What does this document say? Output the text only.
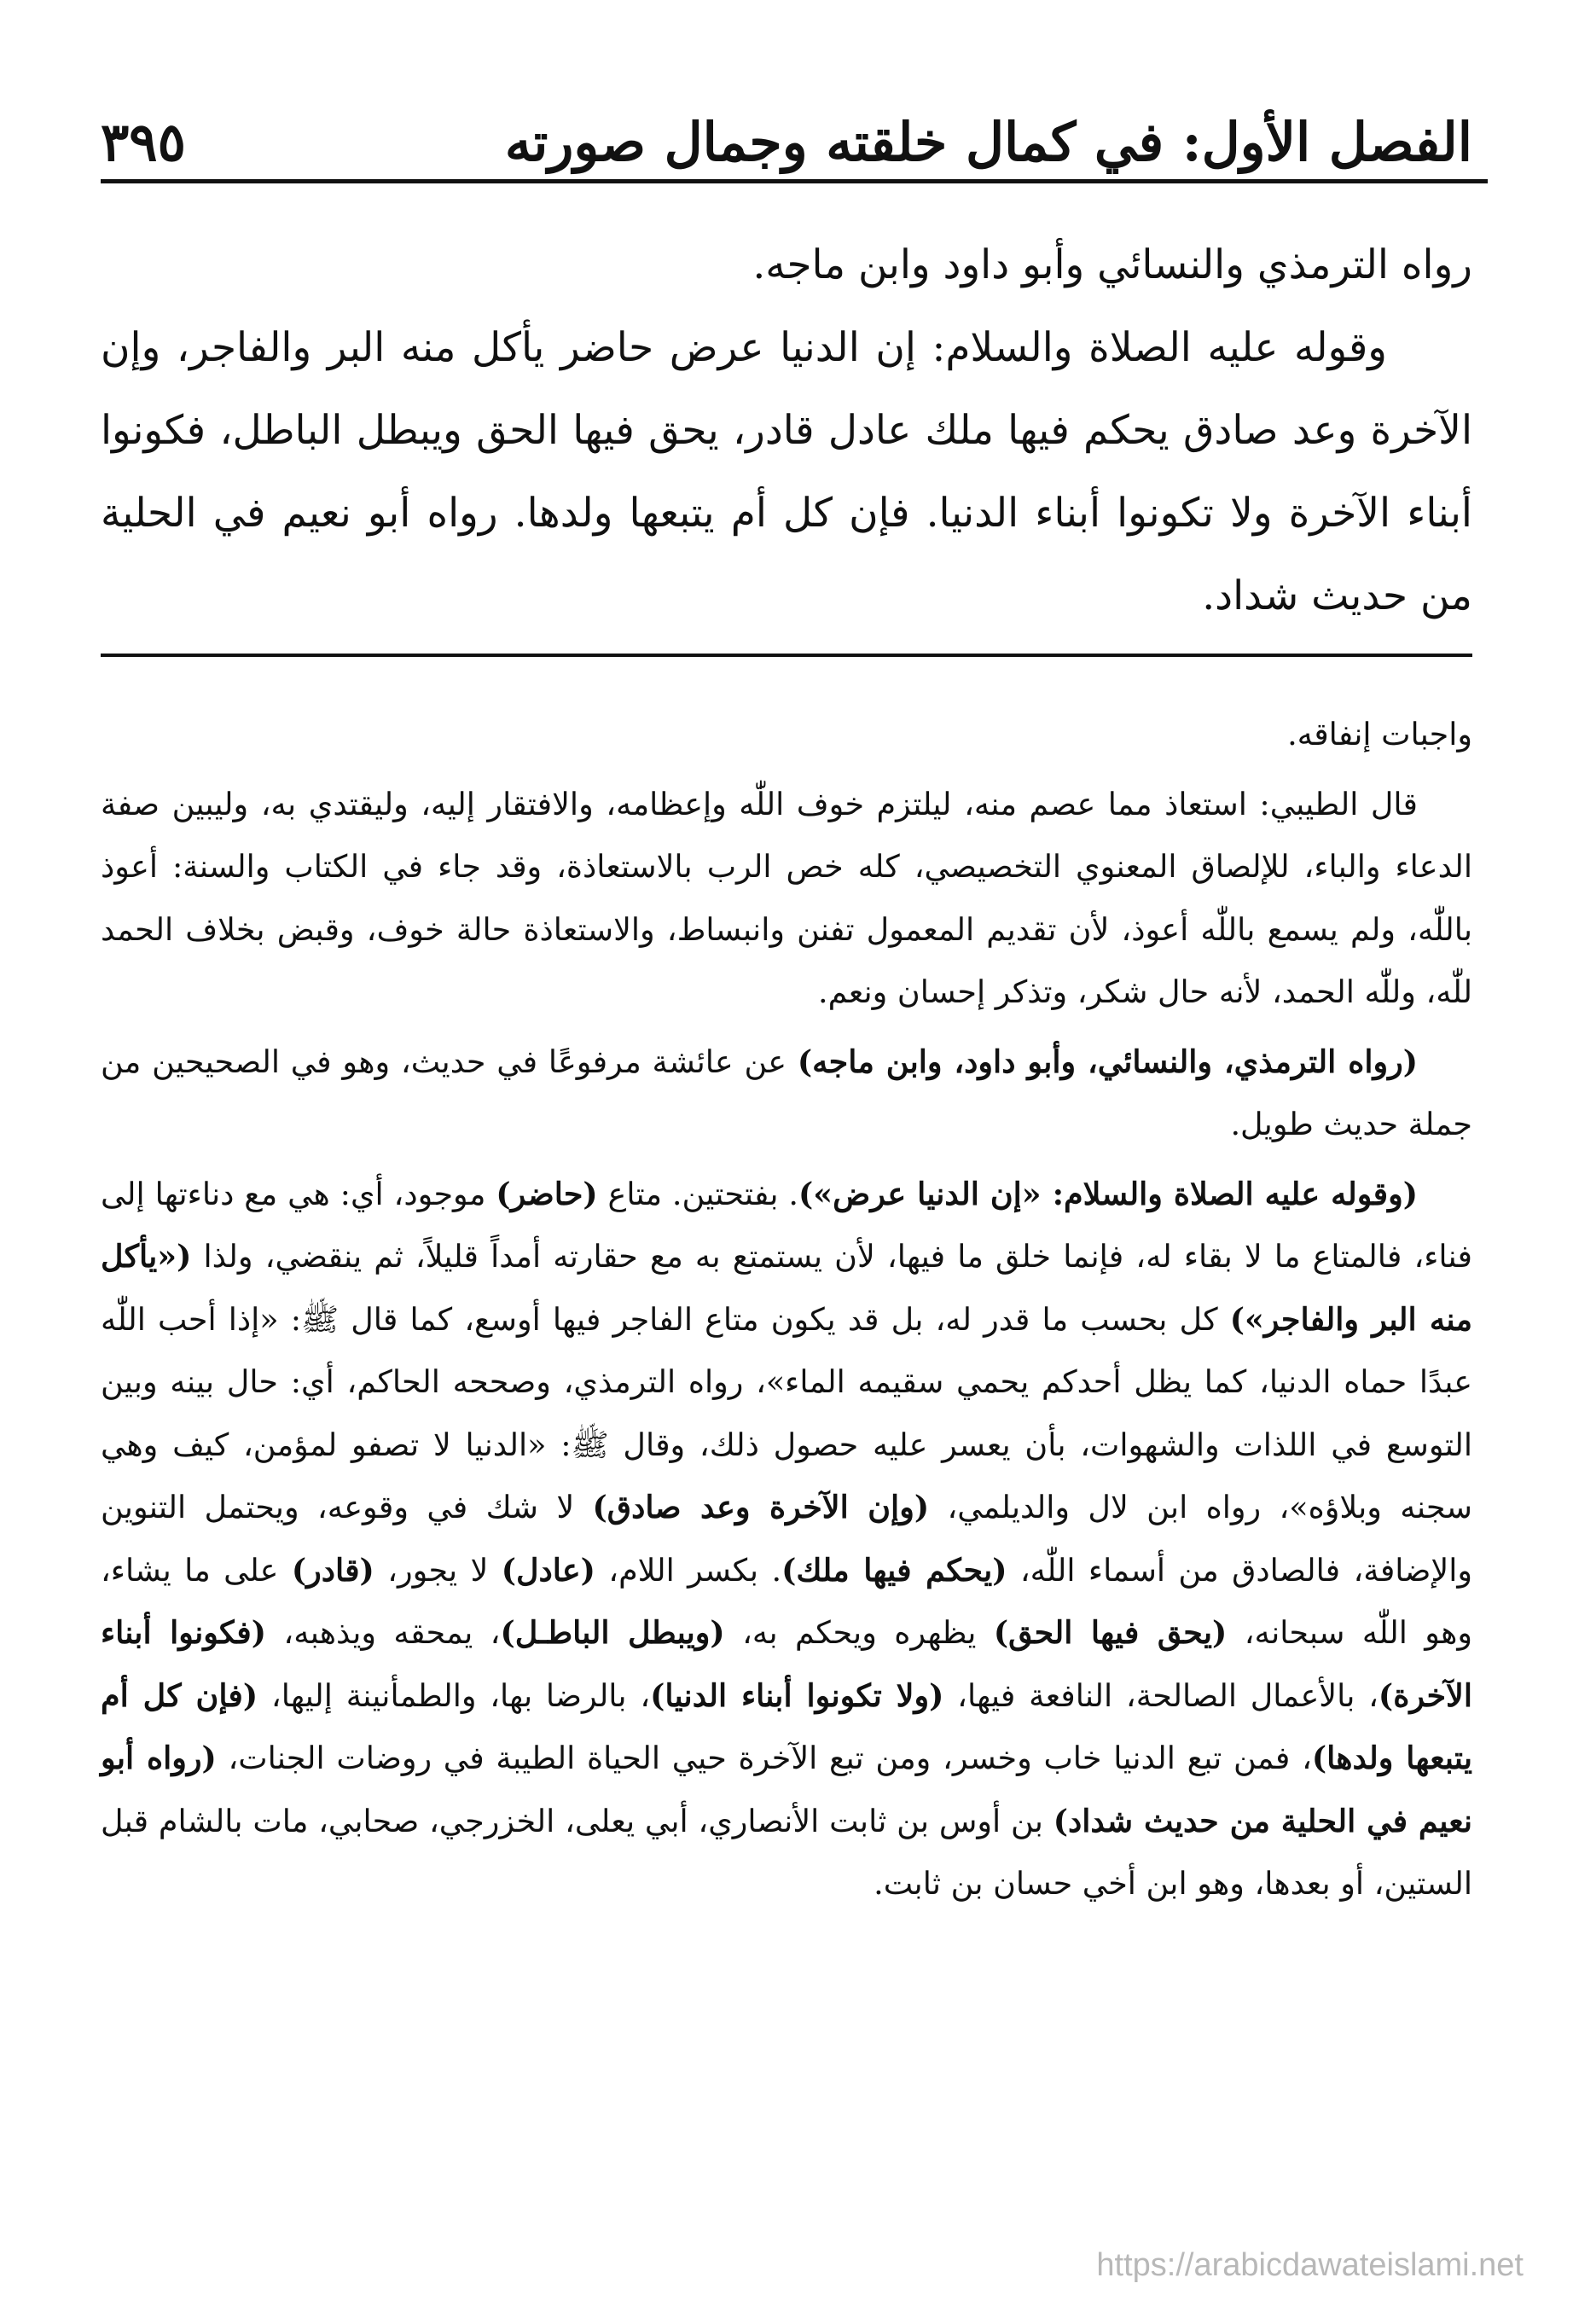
الفصل الأول: في كمال خلقته وجمال صورته
٣٩٥

رواه الترمذي والنسائي وأبو داود وابن ماجه.

وقوله عليه الصلاة والسلام: إن الدنيا عرض حاضر يأكل منه البر والفاجر، وإن الآخرة وعد صادق يحكم فيها ملك عادل قادر، يحق فيها الحق ويبطل الباطل، فكونوا أبناء الآخرة ولا تكونوا أبناء الدنيا. فإن كل أم يتبعها ولدها. رواه أبو نعيم في الحلية من حديث شداد.

واجبات إنفاقه.

قال الطيبي: استعاذ مما عصم منه، ليلتزم خوف اللّٰه وإعظامه، والافتقار إليه، وليقتدي به، وليبين صفة الدعاء والباء، للإلصاق المعنوي التخصيصي، كله خص الرب بالاستعاذة، وقد جاء في الكتاب والسنة: أعوذ باللّٰه، ولم يسمع باللّٰه أعوذ، لأن تقديم المعمول تفنن وانبساط، والاستعاذة حالة خوف، وقبض بخلاف الحمد للّٰه، وللّٰه الحمد، لأنه حال شكر، وتذكر إحسان ونعم.

(رواه الترمذي، والنسائي، وأبو داود، وابن ماجه) عن عائشة مرفوعًا في حديث، وهو في الصحيحين من جملة حديث طويل.

(وقوله عليه الصلاة والسلام: «إن الدنيا عرض»). بفتحتين. متاع (حاضر) موجود، أي: هي مع دناءتها إلى فناء، فالمتاع ما لا بقاء له، فإنما خلق ما فيها، لأن يستمتع به مع حقارته أمداً قليلاً، ثم ينقضي، ولذا («يأكل منه البر والفاجر») كل بحسب ما قدر له، بل قد يكون متاع الفاجر فيها أوسع، كما قال ﷺ: «إذا أحب اللّٰه عبدًا حماه الدنيا، كما يظل أحدكم يحمي سقيمه الماء»، رواه الترمذي، وصححه الحاكم، أي: حال بينه وبين التوسع في اللذات والشهوات، بأن يعسر عليه حصول ذلك، وقال ﷺ: «الدنيا لا تصفو لمؤمن، كيف وهي سجنه وبلاؤه»، رواه ابن لال والديلمي، (وإن الآخرة وعد صادق) لا شك في وقوعه، ويحتمل التنوين والإضافة، فالصادق من أسماء اللّٰه، (يحكم فيها ملك). بكسر اللام، (عادل) لا يجور، (قادر) على ما يشاء، وهو اللّٰه سبحانه، (يحق فيها الحق) يظهره ويحكم به، (ويبطل الباطـل)، يمحقه ويذهبه، (فكونوا أبناء الآخرة)، بالأعمال الصالحة، النافعة فيها، (ولا تكونوا أبناء الدنيا)، بالرضا بها، والطمأنينة إليها، (فإن كل أم يتبعها ولدها)، فمن تبع الدنيا خاب وخسر، ومن تبع الآخرة حيي الحياة الطيبة في روضات الجنات، (رواه أبو نعيم في الحلية من حديث شداد) بن أوس بن ثابت الأنصاري، أبي يعلى، الخزرجي، صحابي، مات بالشام قبل الستين، أو بعدها، وهو ابن أخي حسان بن ثابت.

https://arabicdawateislami.net
